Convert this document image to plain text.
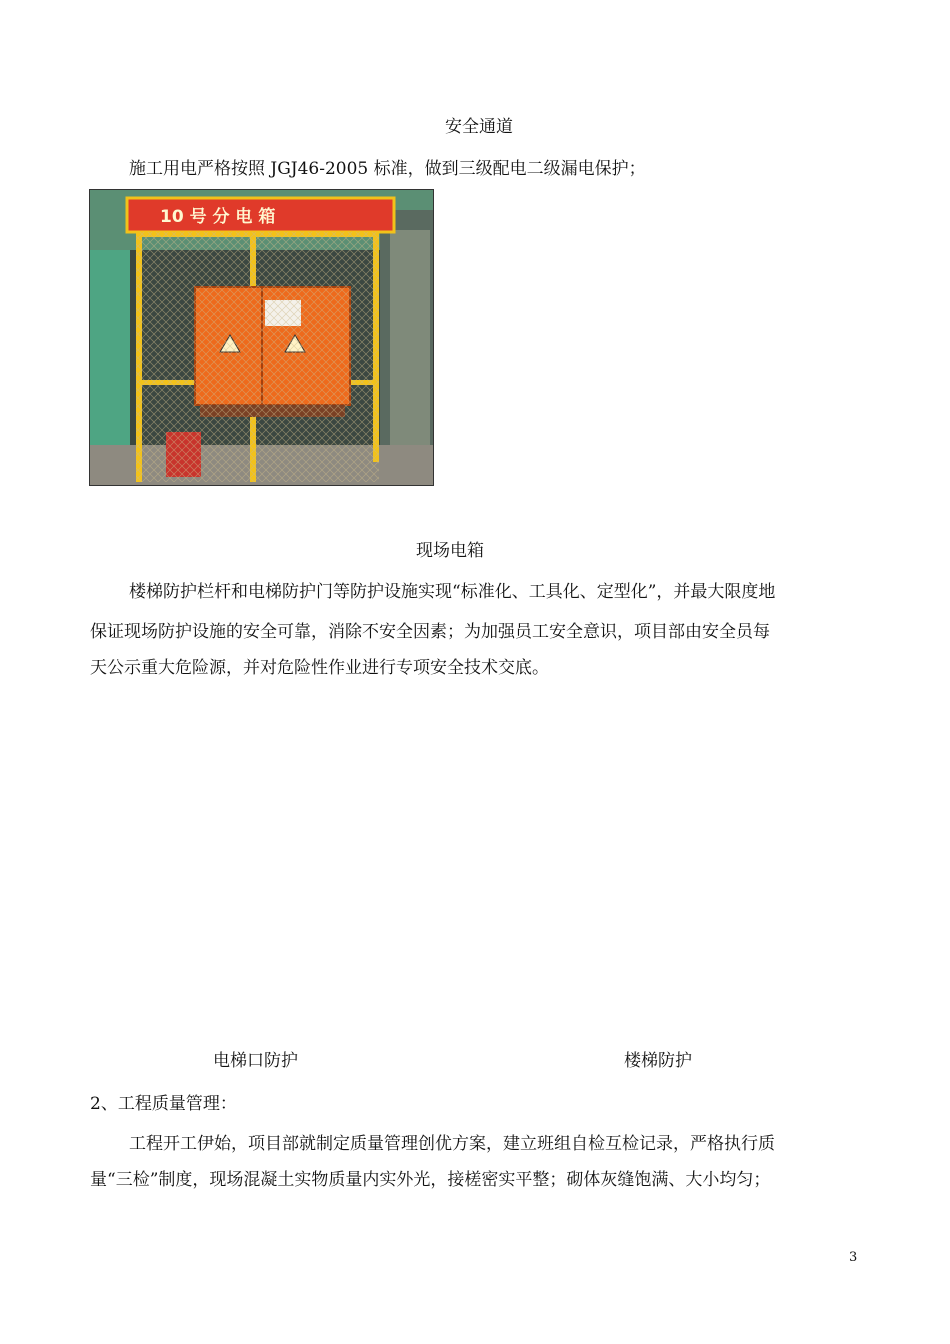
安全通道
施工用电严格按照 JGJ46-2005 标准，做到三级配电二级漏电保护；
10 号 分 电 箱
现场电箱
楼梯防护栏杆和电梯防护门等防护设施实现“标准化、工具化、定型化”，并最大限度地
保证现场防护设施的安全可靠，消除不安全因素；为加强员工安全意识，项目部由安全员每
天公示重大危险源，并对危险性作业进行专项安全技术交底。
电梯口防护	楼梯防护
2、工程质量管理：
工程开工伊始，项目部就制定质量管理创优方案，建立班组自检互检记录，严格执行质
量“三检”制度，现场混凝土实物质量内实外光，接槎密实平整；砌体灰缝饱满、大小均匀；
3
